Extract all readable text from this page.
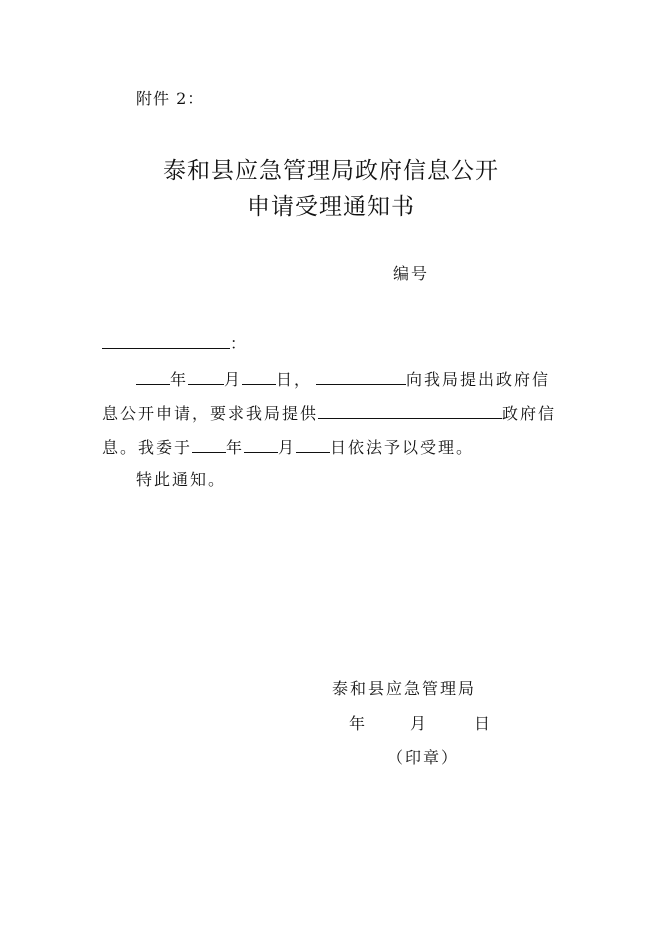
附件 2：
泰和县应急管理局政府信息公开
申请受理通知书
编号
：
年 月 日，	向我局提出政府信
息公开申请，要求我局提供	政府信
息。我委于 年 月 日依法予以受理。
特此通知。
泰和县应急管理局
年	月	日
（印章）
